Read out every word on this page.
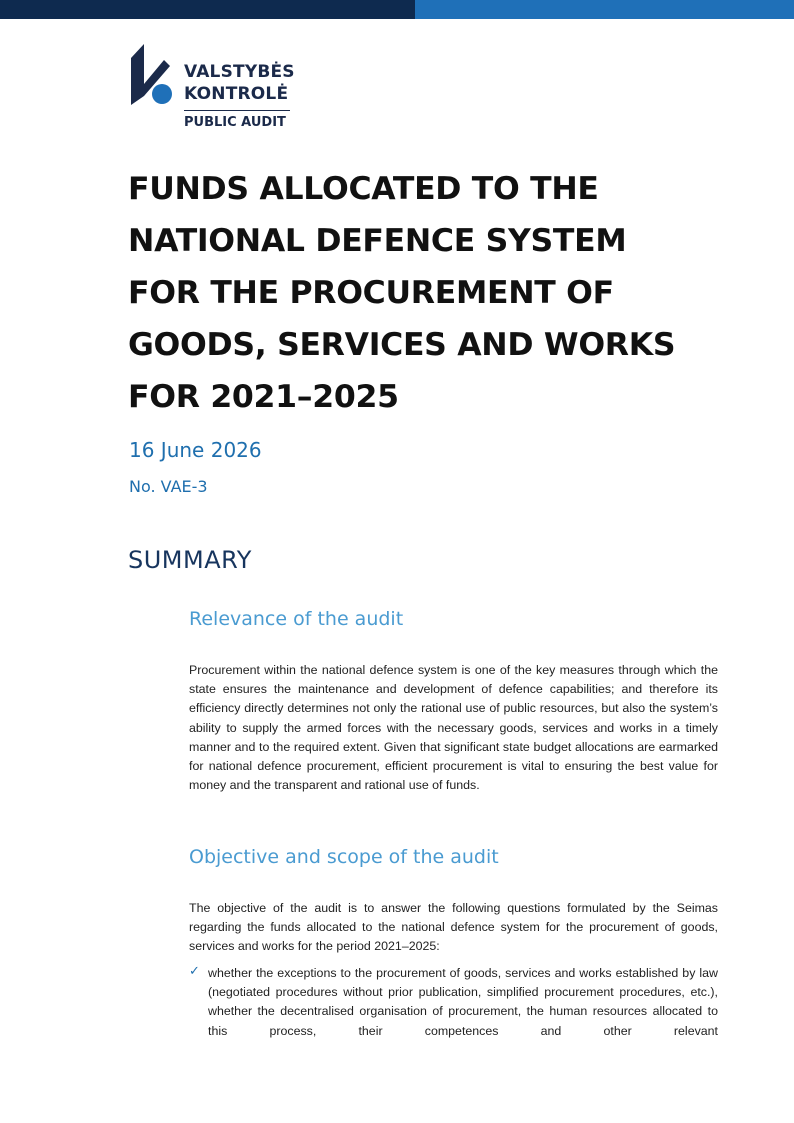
VALSTYBĖS
KONTROLĖ
PUBLIC AUDIT
FUNDS ALLOCATED TO THE NATIONAL DEFENCE SYSTEM FOR THE PROCUREMENT OF GOODS, SERVICES AND WORKS FOR 2021–2025
16 June 2026
No. VAE-3
SUMMARY
Relevance of the audit

Procurement within the national defence system is one of the key measures through which the state ensures the maintenance and development of defence capabilities; and therefore its efficiency directly determines not only the rational use of public resources, but also the system’s ability to supply the armed forces with the necessary goods, services and works in a timely manner and to the required extent. Given that significant state budget allocations are earmarked for national defence procurement, efficient procurement is vital to ensuring the best value for money and the transparent and rational use of funds.

Objective and scope of the audit

The objective of the audit is to answer the following questions formulated by the Seimas regarding the funds allocated to the national defence system for the procurement of goods, services and works for the period 2021–2025:

✓ whether the exceptions to the procurement of goods, services and works established by law (negotiated procedures without prior publication, simplified procurement procedures, etc.), whether the decentralised organisation of procurement, the human resources allocated to this process, their competences and other relevant
